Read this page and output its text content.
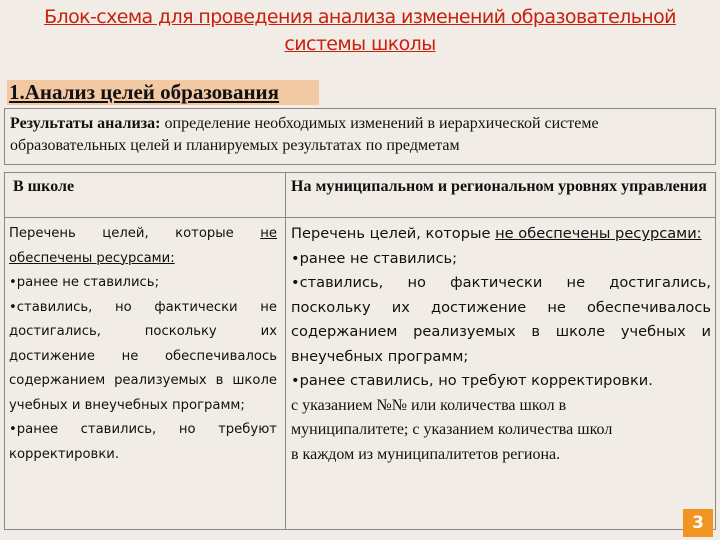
Блок-схема для проведения анализа изменений образовательной
системы школы
1.Анализ целей образования
Результаты анализа: определение необходимых изменений в иерархической системе образовательных целей и планируемых результатах по предметам
В школе	На муниципальном и региональном уровнях управления

Перечень целей, которые не обеспечены ресурсами:

•ранее не ставились;

•ставились, но фактически не достигались, поскольку их достижение не обеспечивалось содержанием реализуемых в школе учебных и внеучебных программ;

•ранее ставились, но требуют корректировки.

Перечень целей, которые не обеспечены ресурсами:

•ранее не ставились;

•ставились, но фактически не достигались, поскольку их достижение не обеспечивалось содержанием реализуемых в школе учебных и внеучебных программ;

•ранее ставились, но требуют корректировки.

с указанием №№ или количества школ в

муниципалитете; с указанием количества школ

в каждом из муниципалитетов региона.

3
